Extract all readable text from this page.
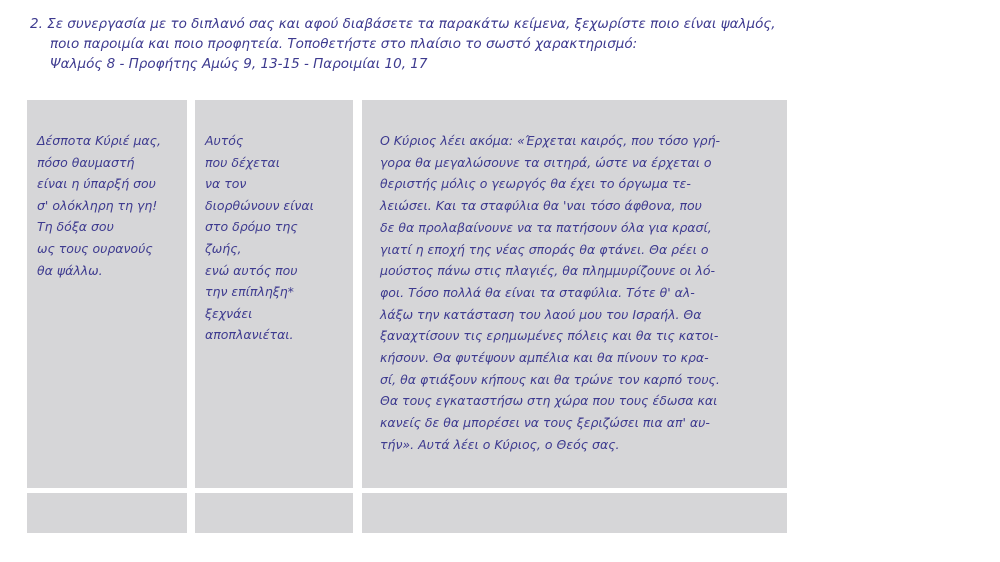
2. Σε συνεργασία με το διπλανό σας και αφού διαβάσετε τα παρακάτω κείμενα, ξεχωρίστε ποιο είναι ψαλμός,
ποιο παροιμία και ποιο προφητεία. Τοποθετήστε στο πλαίσιο το σωστό χαρακτηρισμό:
Ψαλμός 8 - Προφήτης Αμώς 9, 13-15 - Παροιμίαι 10, 17
Δέσποτα Κύριέ μας,
πόσο θαυμαστή
είναι η ύπαρξή σου
σ' ολόκληρη τη γη!
Τη δόξα σου
ως τους ουρανούς
θα ψάλλω.
Αυτός
που δέχεται
να τον
διορθώνουν είναι
στο δρόμο της
ζωής,
ενώ αυτός που
την επίπληξη*
ξεχνάει
αποπλανιέται.
Ο Κύριος λέει ακόμα: «Έρχεται καιρός, που τόσο γρή-
γορα θα μεγαλώσουνε τα σιτηρά, ώστε να έρχεται ο
θεριστής μόλις ο γεωργός θα έχει το όργωμα τε-
λειώσει. Και τα σταφύλια θα 'ναι τόσο άφθονα, που
δε θα προλαβαίνουνε να τα πατήσουν όλα για κρασί,
γιατί η εποχή της νέας σποράς θα φτάνει. Θα ρέει ο
μούστος πάνω στις πλαγιές, θα πλημμυρίζουνε οι λό-
φοι. Τόσο πολλά θα είναι τα σταφύλια. Τότε θ' αλ-
λάξω την κατάσταση του λαού μου του Ισραήλ. Θα
ξαναχτίσουν τις ερημωμένες πόλεις και θα τις κατοι-
κήσουν. Θα φυτέψουν αμπέλια και θα πίνουν το κρα-
σί, θα φτιάξουν κήπους και θα τρώνε τον καρπό τους.
Θα τους εγκαταστήσω στη χώρα που τους έδωσα και
κανείς δε θα μπορέσει να τους ξεριζώσει πια απ' αυ-
τήν». Αυτά λέει ο Κύριος, ο Θεός σας.
